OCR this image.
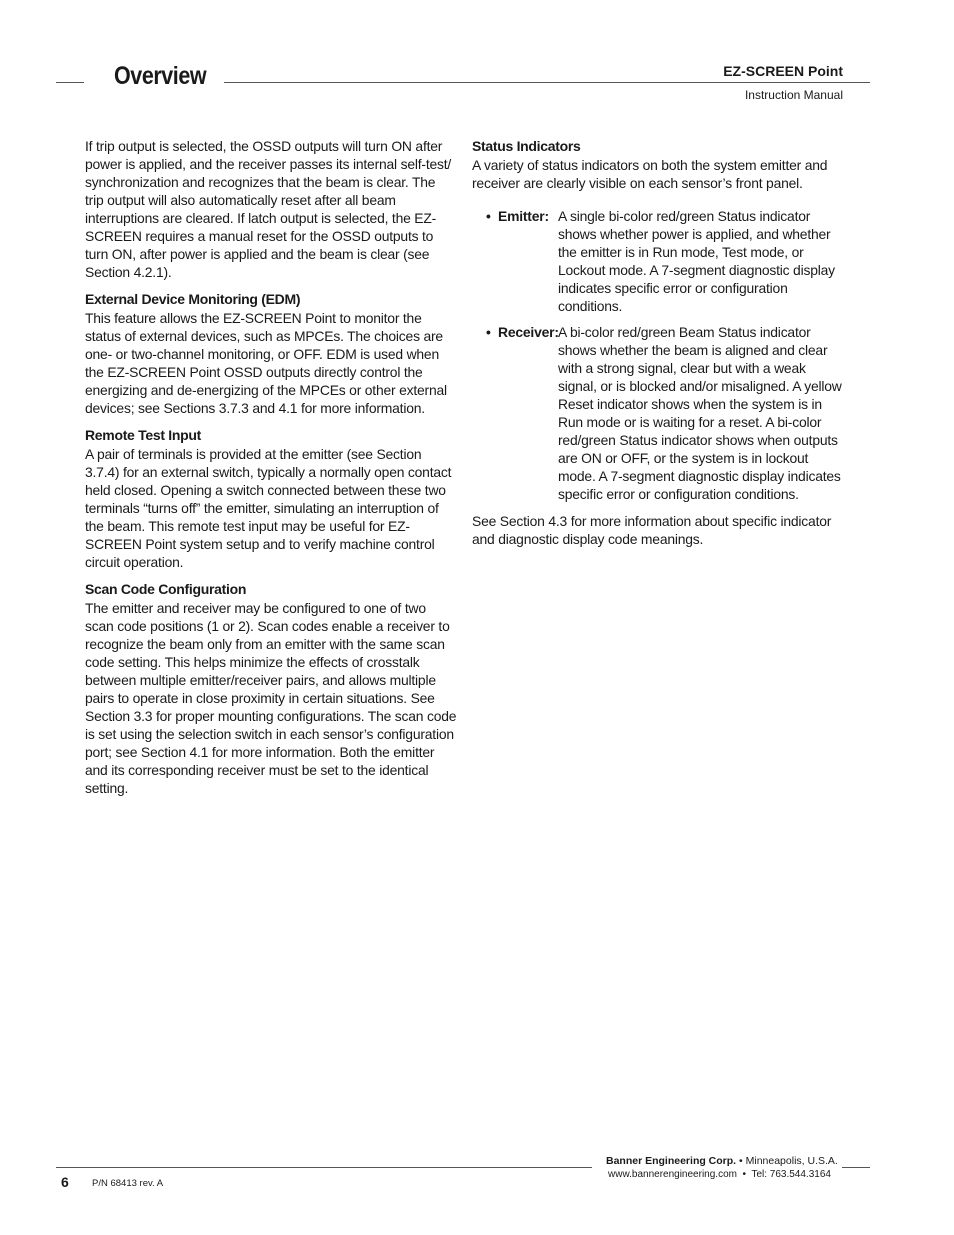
Overview	EZ-SCREEN Point
Instruction Manual

If trip output is selected, the OSSD outputs will turn ON after power is applied, and the receiver passes its internal self-test/ synchronization and recognizes that the beam is clear. The trip output will also automatically reset after all beam interruptions are cleared. If latch output is selected, the EZ-SCREEN requires a manual reset for the OSSD outputs to turn ON, after power is applied and the beam is clear (see Section 4.2.1).

External Device Monitoring (EDM)

This feature allows the EZ-SCREEN Point to monitor the status of external devices, such as MPCEs. The choices are one- or two-channel monitoring, or OFF. EDM is used when the EZ-SCREEN Point OSSD outputs directly control the energizing and de-energizing of the MPCEs or other external devices; see Sections 3.7.3 and 4.1 for more information.

Remote Test Input

A pair of terminals is provided at the emitter (see Section 3.7.4) for an external switch, typically a normally open contact held closed. Opening a switch connected between these two terminals “turns off” the emitter, simulating an interruption of the beam. This remote test input may be useful for EZ-SCREEN Point system setup and to verify machine control circuit operation.

Scan Code Configuration

The emitter and receiver may be configured to one of two scan code positions (1 or 2). Scan codes enable a receiver to recognize the beam only from an emitter with the same scan code setting. This helps minimize the effects of crosstalk between multiple emitter/receiver pairs, and allows multiple pairs to operate in close proximity in certain situations. See Section 3.3 for proper mounting configurations. The scan code is set using the selection switch in each sensor’s configuration port; see Section 4.1 for more information. Both the emitter and its corresponding receiver must be set to the identical setting.

Status Indicators

A variety of status indicators on both the system emitter and receiver are clearly visible on each sensor’s front panel.

• Emitter: A single bi-color red/green Status indicator shows whether power is applied, and whether the emitter is in Run mode, Test mode, or Lockout mode. A 7-segment diagnostic display indicates specific error or configuration conditions.
• Receiver: A bi-color red/green Beam Status indicator shows whether the beam is aligned and clear with a strong signal, clear but with a weak signal, or is blocked and/or misaligned. A yellow Reset indicator shows when the system is in Run mode or is waiting for a reset. A bi-color red/green Status indicator shows when outputs are ON or OFF, or the system is in lockout mode. A 7-segment diagnostic display indicates specific error or configuration conditions.

See Section 4.3 for more information about specific indicator and diagnostic display code meanings.

6 P/N 68413 rev. A
Banner Engineering Corp. • Minneapolis, U.S.A.
www.bannerengineering.com • Tel: 763.544.3164
